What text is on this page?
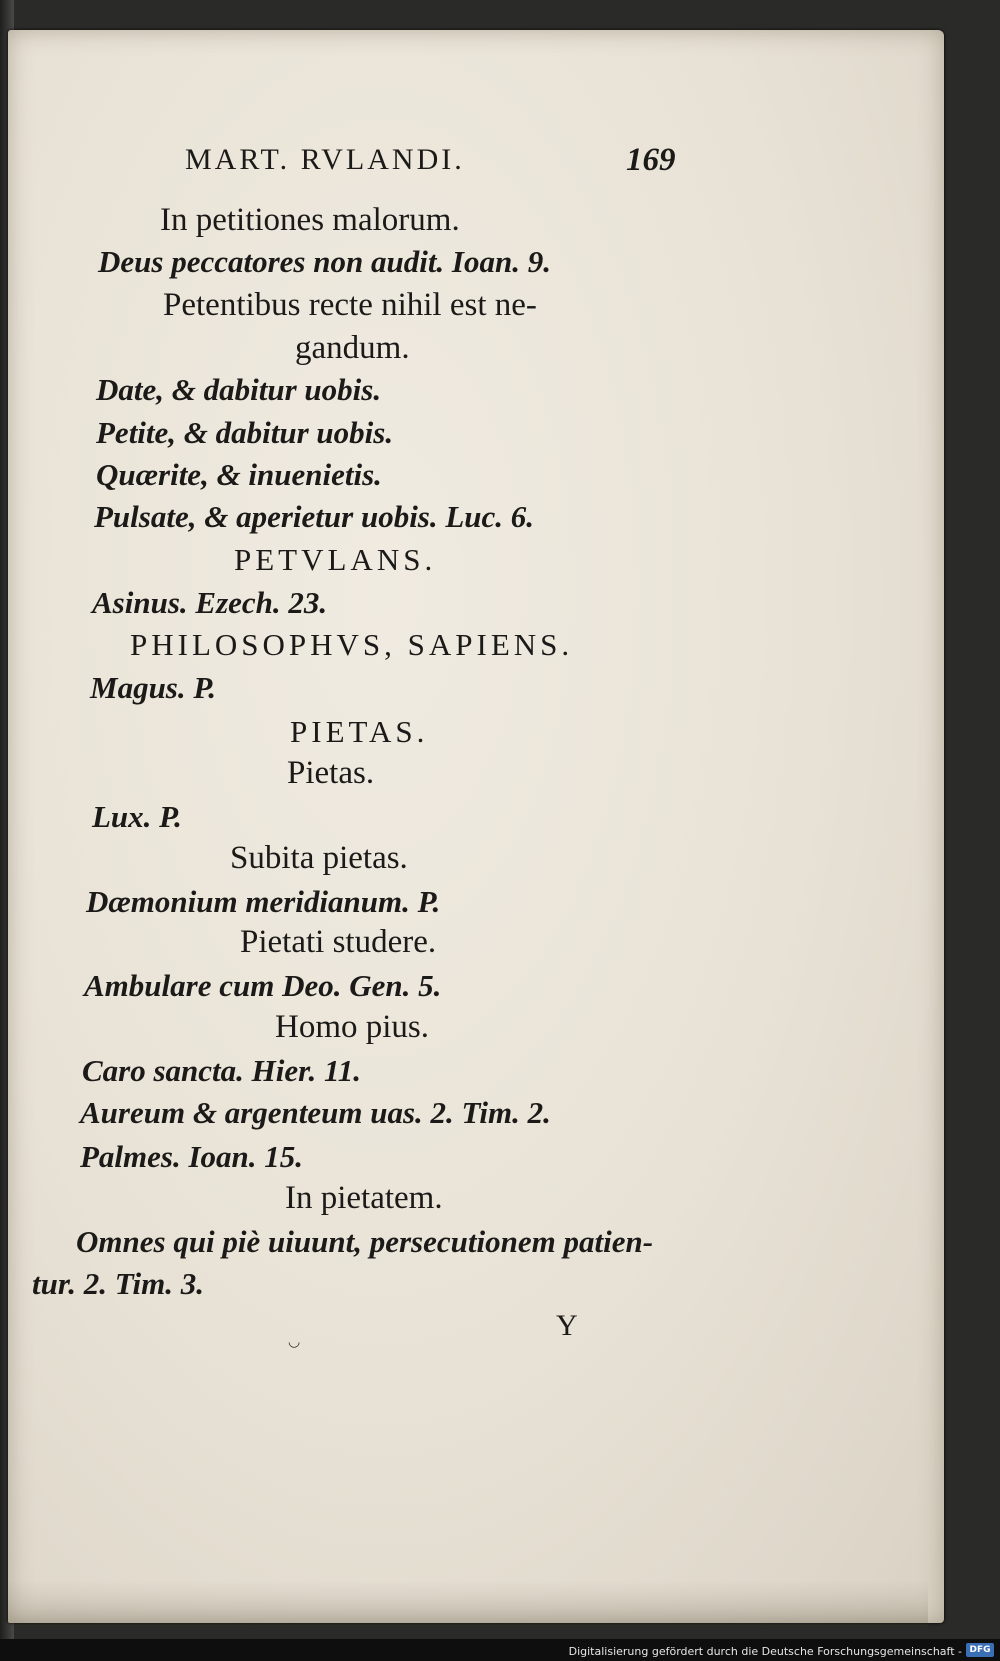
MART. RVLANDI.	169
In petitiones malorum.
Deus peccatores non audit. Ioan. 9.
Petentibus recte nihil est ne-
gandum.
Date, & dabitur uobis.
Petite, & dabitur uobis.
Quærite, & inuenietis.
Pulsate, & aperietur uobis. Luc. 6.
PETVLANS.
Asinus. Ezech. 23.
PHILOSOPHVS, SAPIENS.
Magus. P.
PIETAS.
Pietas.
Lux. P.
Subita pietas.
Dæmonium meridianum. P.
Pietati studere.
Ambulare cum Deo. Gen. 5.
Homo pius.
Caro sancta. Hier. 11.
Aureum & argenteum uas. 2. Tim. 2.
Palmes. Ioan. 15.
In pietatem.
Omnes qui piè uiuunt, persecutionem patien-
tur. 2. Tim. 3.
Y
◡
Digitalisierung gefördert durch die Deutsche Forschungsgemeinschaft - DFG
